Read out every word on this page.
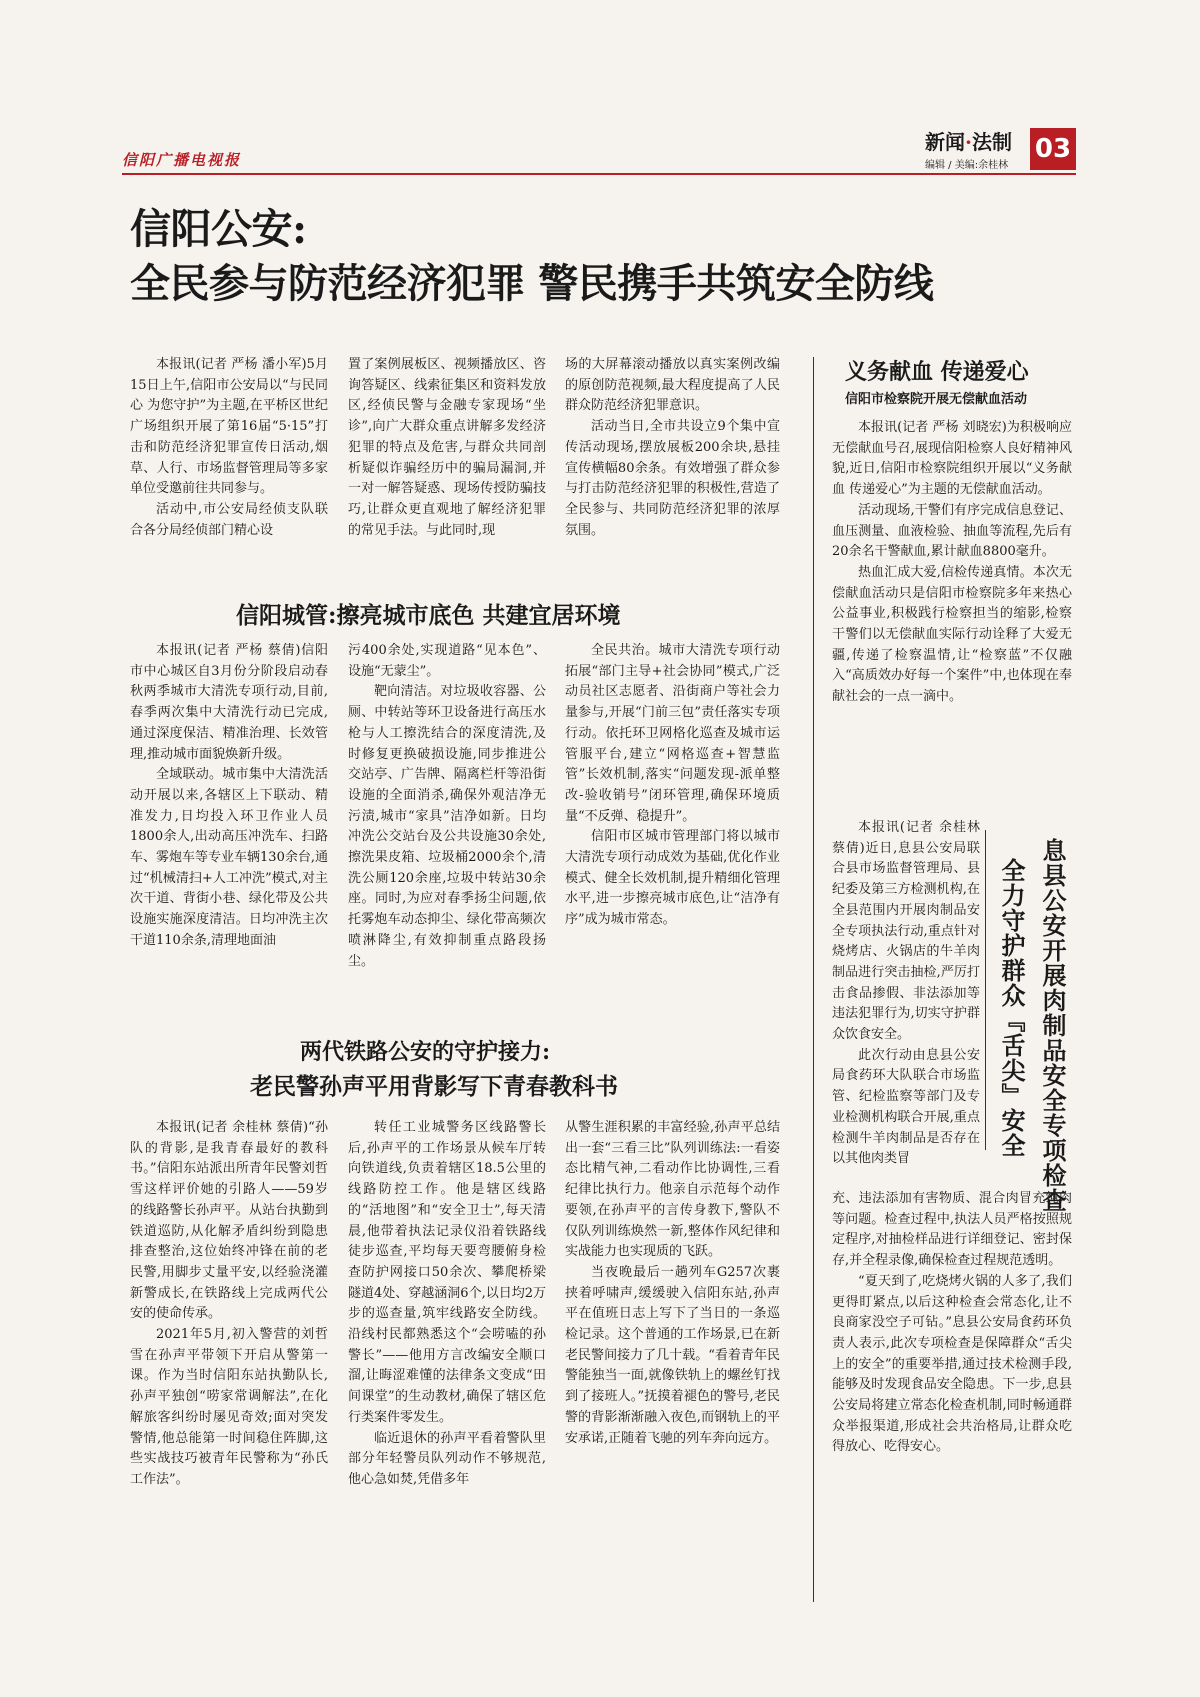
信阳广播电视报
新闻·法制
编辑 / 美编:余桂林
03
信阳公安:
全民参与防范经济犯罪 警民携手共筑安全防线

本报讯(记者 严杨 潘小军)5月15日上午,信阳市公安局以“与民同心 为您守护”为主题,在平桥区世纪广场组织开展了第16届“5·15”打击和防范经济犯罪宣传日活动,烟草、人行、市场监督管理局等多家单位受邀前往共同参与。

活动中,市公安局经侦支队联合各分局经侦部门精心设

置了案例展板区、视频播放区、咨询答疑区、线索征集区和资料发放区,经侦民警与金融专家现场“坐诊”,向广大群众重点讲解多发经济犯罪的特点及危害,与群众共同剖析疑似诈骗经历中的骗局漏洞,并一对一解答疑惑、现场传授防骗技巧,让群众更直观地了解经济犯罪的常见手法。与此同时,现

场的大屏幕滚动播放以真实案例改编的原创防范视频,最大程度提高了人民群众防范经济犯罪意识。

活动当日,全市共设立9个集中宣传活动现场,摆放展板200余块,悬挂宣传横幅80余条。有效增强了群众参与打击防范经济犯罪的积极性,营造了全民参与、共同防范经济犯罪的浓厚氛围。

信阳城管:擦亮城市底色 共建宜居环境

本报讯(记者 严杨 蔡倩)信阳市中心城区自3月份分阶段启动春秋两季城市大清洗专项行动,目前,春季两次集中大清洗行动已完成,通过深度保洁、精准治理、长效管理,推动城市面貌焕新升级。

全域联动。城市集中大清洗活动开展以来,各辖区上下联动、精准发力,日均投入环卫作业人员1800余人,出动高压冲洗车、扫路车、雾炮车等专业车辆130余台,通过“机械清扫+人工冲洗”模式,对主次干道、背街小巷、绿化带及公共设施实施深度清洁。日均冲洗主次干道110余条,清理地面油

污400余处,实现道路“见本色”、设施“无蒙尘”。

靶向清洁。对垃圾收容器、公厕、中转站等环卫设备进行高压水枪与人工擦洗结合的深度清洗,及时修复更换破损设施,同步推进公交站亭、广告牌、隔离栏杆等沿街设施的全面消杀,确保外观洁净无污渍,城市“家具”洁净如新。日均冲洗公交站台及公共设施30余处,擦洗果皮箱、垃圾桶2000余个,清洗公厕120余座,垃圾中转站30余座。同时,为应对春季扬尘问题,依托雾炮车动态抑尘、绿化带高频次喷淋降尘,有效抑制重点路段扬尘。

全民共治。城市大清洗专项行动拓展“部门主导+社会协同”模式,广泛动员社区志愿者、沿街商户等社会力量参与,开展“门前三包”责任落实专项行动。依托环卫网格化巡查及城市运管服平台,建立“网格巡查+智慧监管”长效机制,落实“问题发现-派单整改-验收销号”闭环管理,确保环境质量“不反弹、稳提升”。

信阳市区城市管理部门将以城市大清洗专项行动成效为基础,优化作业模式、健全长效机制,提升精细化管理水平,进一步擦亮城市底色,让“洁净有序”成为城市常态。

两代铁路公安的守护接力:
老民警孙声平用背影写下青春教科书

本报讯(记者 余桂林 蔡倩)“孙队的背影,是我青春最好的教科书。”信阳东站派出所青年民警刘哲雪这样评价她的引路人——59岁的线路警长孙声平。从站台执勤到铁道巡防,从化解矛盾纠纷到隐患排查整治,这位始终冲锋在前的老民警,用脚步丈量平安,以经验浇灌新警成长,在铁路线上完成两代公安的使命传承。

2021年5月,初入警营的刘哲雪在孙声平带领下开启从警第一课。作为当时信阳东站执勤队长,孙声平独创“唠家常调解法”,在化解旅客纠纷时屡见奇效;面对突发警情,他总能第一时间稳住阵脚,这些实战技巧被青年民警称为“孙氏工作法”。

转任工业城警务区线路警长后,孙声平的工作场景从候车厅转向铁道线,负责着辖区18.5公里的线路防控工作。他是辖区线路的“活地图”和“安全卫士”,每天清晨,他带着执法记录仪沿着铁路线徒步巡查,平均每天要弯腰俯身检查防护网接口50余次、攀爬桥梁隧道4处、穿越涵洞6个,以日均2万步的巡查量,筑牢线路安全防线。沿线村民都熟悉这个“会唠嗑的孙警长”——他用方言改编安全顺口溜,让晦涩难懂的法律条文变成“田间课堂”的生动教材,确保了辖区危行类案件零发生。

临近退休的孙声平看着警队里部分年轻警员队列动作不够规范,他心急如焚,凭借多年

从警生涯积累的丰富经验,孙声平总结出一套“三看三比”队列训练法:一看姿态比精气神,二看动作比协调性,三看纪律比执行力。他亲自示范每个动作要领,在孙声平的言传身教下,警队不仅队列训练焕然一新,整体作风纪律和实战能力也实现质的飞跃。

当夜晚最后一趟列车G257次裹挟着呼啸声,缓缓驶入信阳东站,孙声平在值班日志上写下了当日的一条巡检记录。这个普通的工作场景,已在新老民警间接力了几十载。“看着青年民警能独当一面,就像铁轨上的螺丝钉找到了接班人。”抚摸着褪色的警号,老民警的背影渐渐融入夜色,而钢轨上的平安承诺,正随着飞驰的列车奔向远方。

义务献血 传递爱心
信阳市检察院开展无偿献血活动

本报讯(记者 严杨 刘晓宏)为积极响应无偿献血号召,展现信阳检察人良好精神风貌,近日,信阳市检察院组织开展以“义务献血 传递爱心”为主题的无偿献血活动。

活动现场,干警们有序完成信息登记、血压测量、血液检验、抽血等流程,先后有20余名干警献血,累计献血8800毫升。

热血汇成大爱,信检传递真情。本次无偿献血活动只是信阳市检察院多年来热心公益事业,积极践行检察担当的缩影,检察干警们以无偿献血实际行动诠释了大爱无疆,传递了检察温情,让“检察蓝”不仅融入“高质效办好每一个案件”中,也体现在奉献社会的一点一滴中。

息县公安开展肉制品安全专项检查
全力守护群众『舌尖』安全

本报讯(记者 余桂林 蔡倩)近日,息县公安局联合县市场监督管理局、县纪委及第三方检测机构,在全县范围内开展肉制品安全专项执法行动,重点针对烧烤店、火锅店的牛羊肉制品进行突击抽检,严厉打击食品掺假、非法添加等违法犯罪行为,切实守护群众饮食安全。

此次行动由息县公安局食药环大队联合市场监管、纪检监察等部门及专业检测机构联合开展,重点检测牛羊肉制品是否存在以其他肉类冒

充、违法添加有害物质、混合肉冒充纯肉等问题。检查过程中,执法人员严格按照规定程序,对抽检样品进行详细登记、密封保存,并全程录像,确保检查过程规范透明。

“夏天到了,吃烧烤火锅的人多了,我们更得盯紧点,以后这种检查会常态化,让不良商家没空子可钻。”息县公安局食药环负责人表示,此次专项检查是保障群众“舌尖上的安全”的重要举措,通过技术检测手段,能够及时发现食品安全隐患。下一步,息县公安局将建立常态化检查机制,同时畅通群众举报渠道,形成社会共治格局,让群众吃得放心、吃得安心。
